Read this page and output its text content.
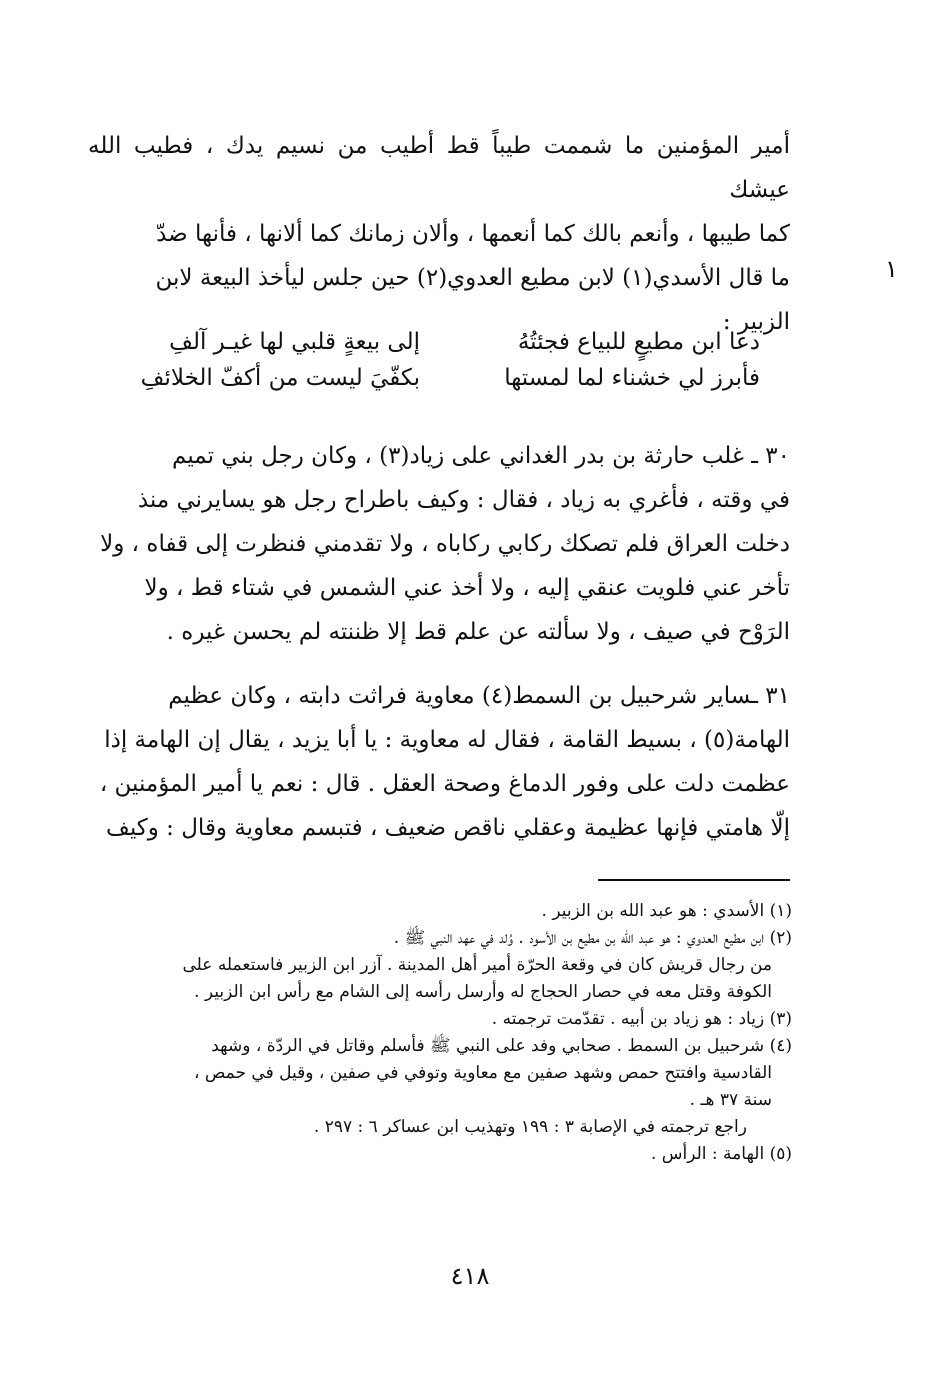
أمير المؤمنين ما شممت طيباً قط أطيب من نسيم يدك ، فطيب الله عيشك

كما طيبها ، وأنعم بالك كما أنعمها ، وألان زمانك كما ألانها ، فأنها ضدّ

ما قال الأسدي(١) لابن مطيع العدوي(٢) حين جلس ليأخذ البيعة لابن

الزبير :

١
دعا ابن مطيعٍ للبياع فجئتُهُ
إلى بيعةٍ قلبي لها غيـر آلفِ
فأبرز لي خشناء لما لمستها
بكفّيَ ليست من أكفّ الخلائفِ

٣٠ ـ غلب حارثة بن بدر الغداني على زياد(٣) ، وكان رجل بني تميم

في وقته ، فأغري به زياد ، فقال : وكيف باطراح رجل هو يسايرني منذ

دخلت العراق فلم تصكك ركابي ركاباه ، ولا تقدمني فنظرت إلى قفاه ، ولا

تأخر عني فلويت عنقي إليه ، ولا أخذ عني الشمس في شتاء قط ، ولا

الرَوْح في صيف ، ولا سألته عن علم قط إلا ظننته لم يحسن غيره .

٣١ ـساير شرحبيل بن السمط(٤) معاوية فراثت دابته ، وكان عظيم

الهامة(٥) ، بسيط القامة ، فقال له معاوية : يا أبا يزيد ، يقال إن الهامة إذا

عظمت دلت على وفور الدماغ وصحة العقل . قال : نعم يا أمير المؤمنين ،

إلّا هامتي فإنها عظيمة وعقلي ناقص ضعيف ، فتبسم معاوية وقال : وكيف

(١) الأسدي : هو عبد الله بن الزبير .

(٢) ابن مطيع العدوي : هو عبد الله بن مطيع بن الأسود . وُلد في عهد النبي ﷺ .
من رجال قريش كان في وقعة الحرّة أمير أهل المدينة . آزر ابن الزبير فاستعمله على
الكوفة وقتل معه في حصار الحجاج له وأرسل رأسه إلى الشام مع رأس ابن الزبير .

(٣) زياد : هو زياد بن أبيه . تقدّمت ترجمته .

(٤) شرحبيل بن السمط . صحابي وفد على النبي ﷺ فأسلم وقاتل في الردّة ، وشهد
القادسية وافتتح حمص وشهد صفين مع معاوية وتوفي في صفين ، وقيل في حمص ،
سنة ٣٧ هـ .

راجع ترجمته في الإصابة ٣ : ١٩٩ وتهذيب ابن عساكر ٦ : ٢٩٧ .

(٥) الهامة : الرأس .

٤١٨
